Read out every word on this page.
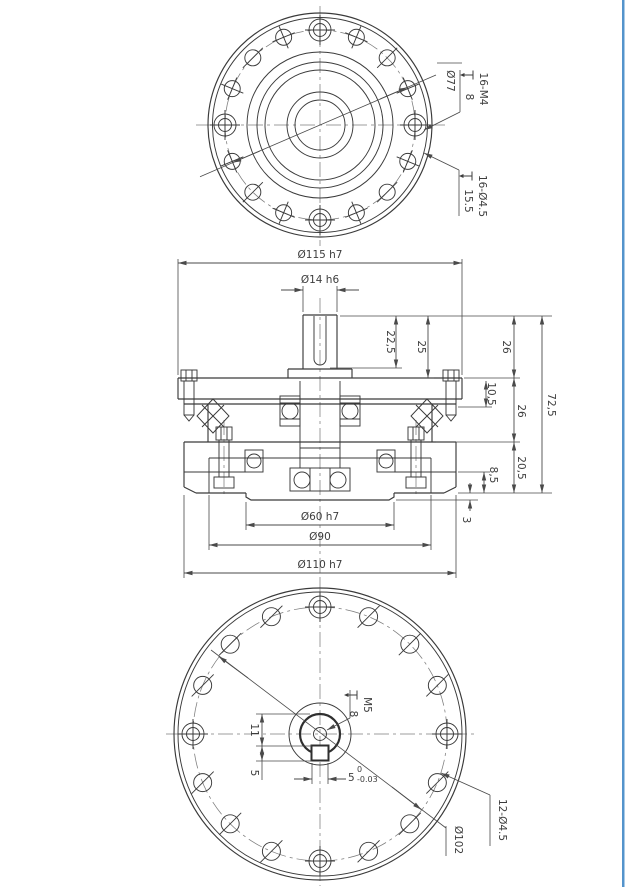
Ø77 16-M4
8
16-Ø4.5
15.5
Ø115 h7
Ø14 h6
22,5 25	26
26
20,5
10,5
8,5
3
72,5
Ø60 h7
Ø90
Ø110 h7
M5
8
11
5	5
0
-0.03
12-Ø4.5
Ø102
